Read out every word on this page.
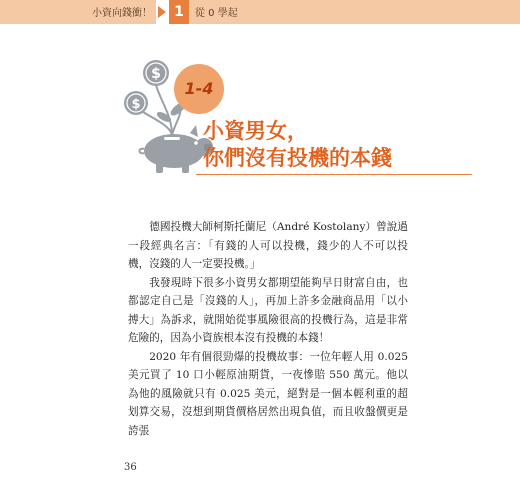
小資向錢衝！	1	從 0 學起
$
$
1-4
小資男女，
你們沒有投機的本錢

德國投機大師柯斯托蘭尼（André Kostolany）曾說過一段經典名言：「有錢的人可以投機，錢少的人不可以投機，沒錢的人一定要投機。」

我發現時下很多小資男女都期望能夠早日財富自由，也都認定自己是「沒錢的人」，再加上許多金融商品用「以小搏大」為訴求，就開始從事風險很高的投機行為，這是非常危險的，因為小資族根本沒有投機的本錢！

2020 年有個很勁爆的投機故事：一位年輕人用 0.025 美元買了 10 口小輕原油期貨，一夜慘賠 550 萬元。他以為他的風險就只有 0.025 美元，絕對是一個本輕利重的超划算交易，沒想到期貨價格居然出現負值，而且收盤價更是誇張

36
